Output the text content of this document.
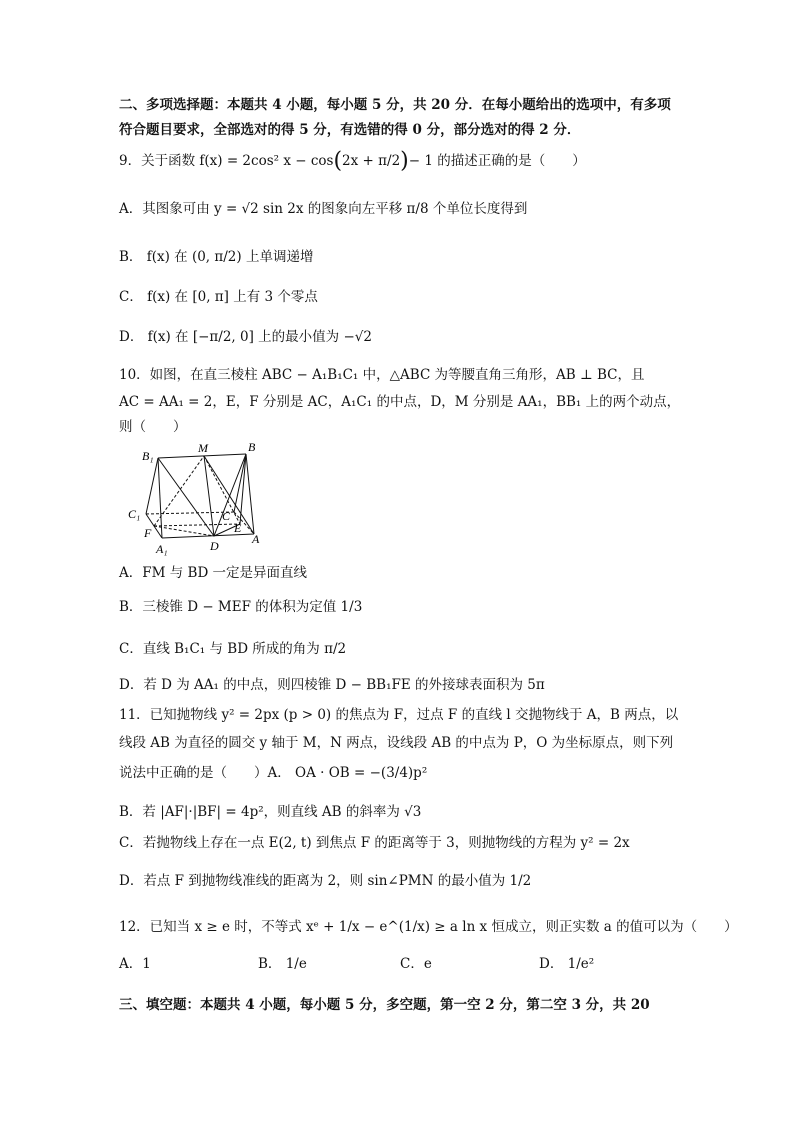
二、多项选择题：本题共 4 小题，每小题 5 分，共 20 分．在每小题给出的选项中，有多项
符合题目要求，全部选对的得 5 分，有选错的得 0 分，部分选对的得 2 分．
9．关于函数 f(x) = 2cos² x − cos(2x + π/2)− 1 的描述正确的是（　　）
A．其图象可由 y = √2 sin 2x 的图象向左平移 π/8 个单位长度得到
B． f(x) 在 (0, π/2) 上单调递增
C． f(x) 在 [0, π] 上有 3 个零点
D． f(x) 在 [−π/2, 0] 上的最小值为 −√2
10．如图，在直三棱柱 ABC − A₁B₁C₁ 中，△ABC 为等腰直角三角形，AB ⊥ BC，且
AC = AA₁ = 2，E，F 分别是 AC，A₁C₁ 的中点，D，M 分别是 AA₁，BB₁ 上的两个动点，
则（　　）
B₁
M	B
C₁	C
F	E
A₁	D	A
A．FM 与 BD 一定是异面直线
B．三棱锥 D − MEF 的体积为定值 1/3
C．直线 B₁C₁ 与 BD 所成的角为 π/2
D．若 D 为 AA₁ 的中点，则四棱锥 D − BB₁FE 的外接球表面积为 5π
11．已知抛物线 y² = 2px (p > 0) 的焦点为 F，过点 F 的直线 l 交抛物线于 A，B 两点，以
线段 AB 为直径的圆交 y 轴于 M，N 两点，设线段 AB 的中点为 P，O 为坐标原点，则下列
说法中正确的是（　　）A． OA · OB = −(3/4)p²
B．若 |AF|·|BF| = 4p²，则直线 AB 的斜率为 √3
C．若抛物线上存在一点 E(2, t) 到焦点 F 的距离等于 3，则抛物线的方程为 y² = 2x
D．若点 F 到抛物线准线的距离为 2，则 sin∠PMN 的最小值为 1/2
12．已知当 x ≥ e 时，不等式 xᵉ + 1/x − e^(1/x) ≥ a ln x 恒成立，则正实数 a 的值可以为（　　）
A．1	B． 1/e	C．e	D． 1/e²
三、填空题：本题共 4 小题，每小题 5 分，多空题，第一空 2 分，第二空 3 分，共 20
